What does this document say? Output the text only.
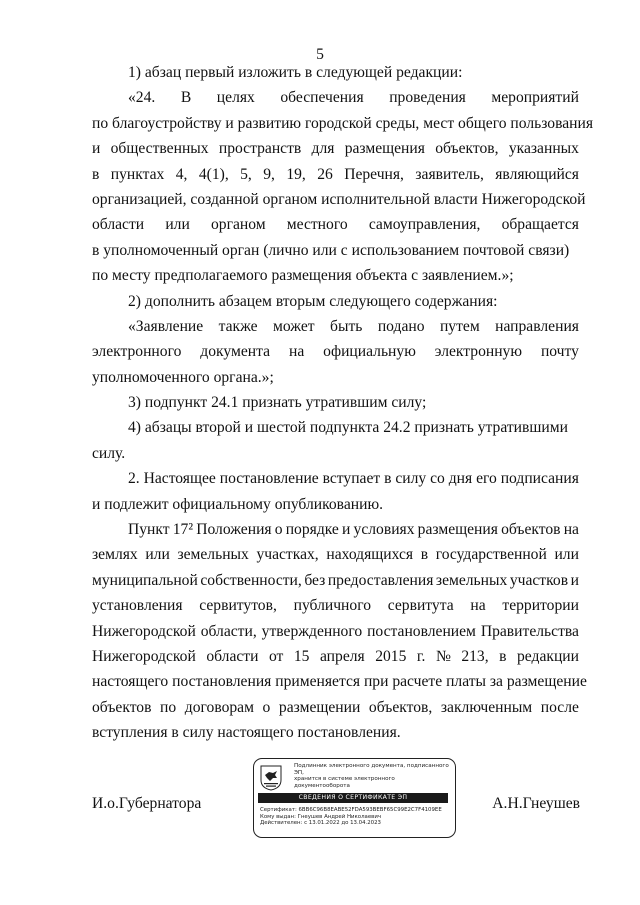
5
1) абзац первый изложить в следующей редакции:
«24. В целях обеспечения проведения мероприятий
по благоустройству и развитию городской среды, мест общего пользования
и общественных пространств для размещения объектов, указанных
в пунктах 4, 4(1), 5, 9, 19, 26 Перечня, заявитель, являющийся
организацией, созданной органом исполнительной власти Нижегородской
области или органом местного самоуправления, обращается
в уполномоченный орган (лично или с использованием почтовой связи)
по месту предполагаемого размещения объекта с заявлением.»;
2) дополнить абзацем вторым следующего содержания:
«Заявление также может быть подано путем направления
электронного документа на официальную электронную почту
уполномоченного органа.»;
3) подпункт 24.1 признать утратившим силу;
4) абзацы второй и шестой подпункта 24.2 признать утратившими
силу.
2. Настоящее постановление вступает в силу со дня его подписания
и подлежит официальному опубликованию.
Пункт 17² Положения о порядке и условиях размещения объектов на
землях или земельных участках, находящихся в государственной или
муниципальной собственности, без предоставления земельных участков и
установления сервитутов, публичного сервитута на территории
Нижегородской области, утвержденного постановлением Правительства
Нижегородской области от 15 апреля 2015 г. № 213, в редакции
настоящего постановления применяется при расчете платы за размещение
объектов по договорам о размещении объектов, заключенным после
вступления в силу настоящего постановления.
И.о.Губернатора	А.Н.Гнеушев
Подлинник электронного документа, подписанного ЭП,
хранится в системе электронного документооборота
СВЕДЕНИЯ О СЕРТИФИКАТЕ ЭП
Сертификат: 6BB6C96B8EABE52FDA593BEBF65C99E2C7F4109EE
Кому выдан: Гнеушев Андрей Николаевич
Действителен: с 13.01.2022 до 13.04.2023
